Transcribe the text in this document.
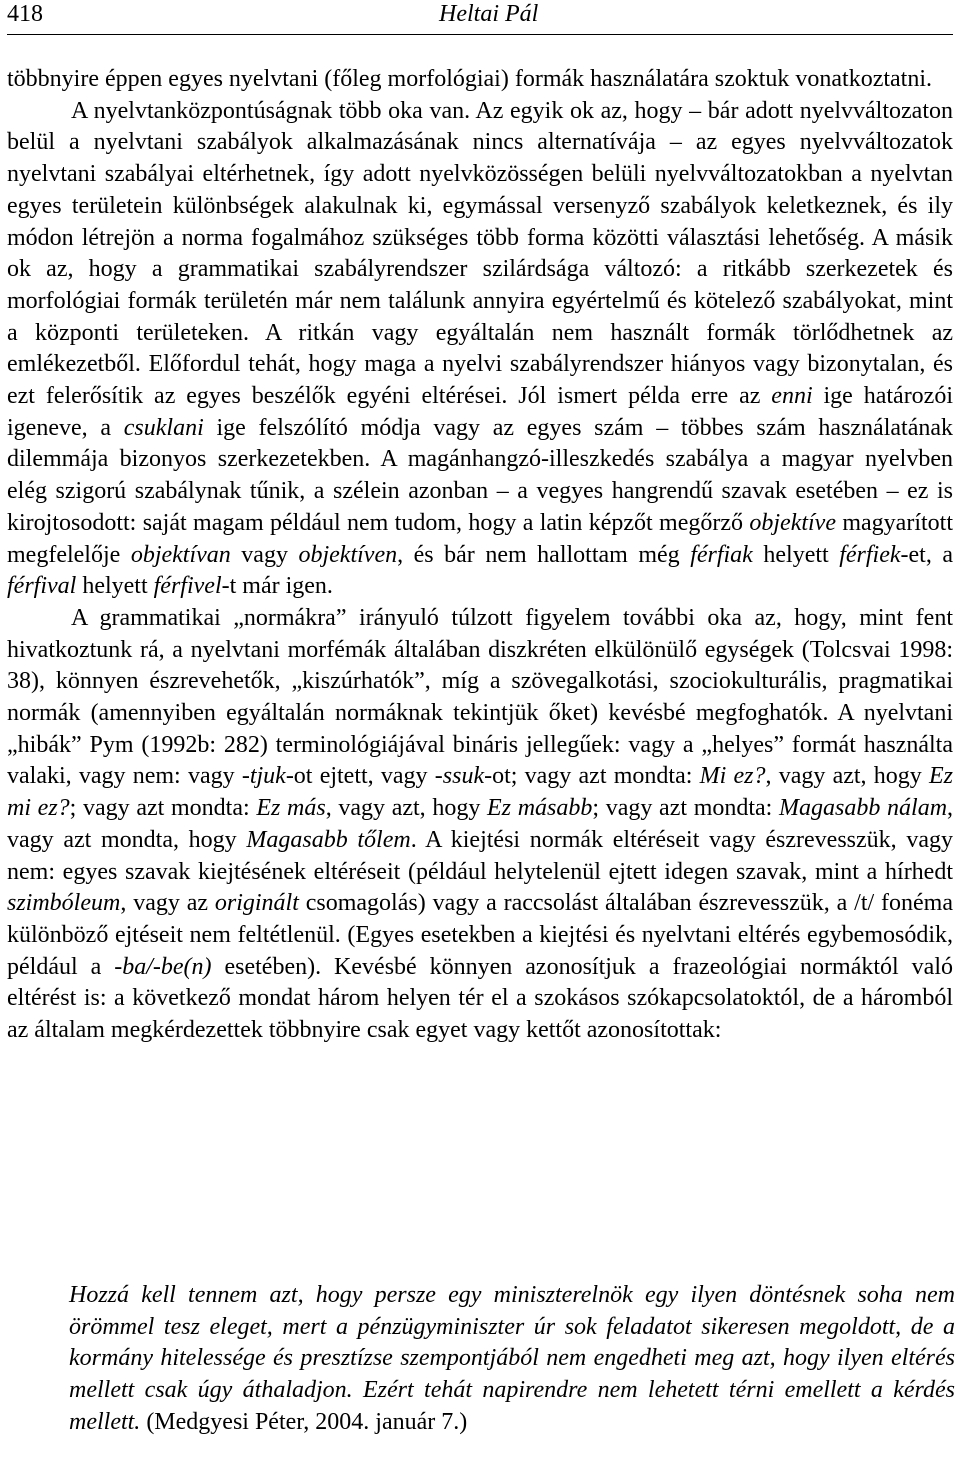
418	Heltai Pál

többnyire éppen egyes nyelvtani (főleg morfológiai) formák használatára szoktuk vonatkoztatni.

A nyelvtanközpontúságnak több oka van. Az egyik ok az, hogy – bár adott nyelvváltozaton belül a nyelvtani szabályok alkalmazásának nincs alternatívája – az egyes nyelvváltozatok nyelvtani szabályai eltérhetnek, így adott nyelvközösségen belüli nyelvváltozatokban a nyelvtan egyes területein különbségek alakulnak ki, egymással versenyző szabályok keletkeznek, és ily módon létrejön a norma fogalmához szükséges több forma közötti választási lehetőség. A másik ok az, hogy a grammatikai szabályrendszer szilárdsága változó: a ritkább szerkezetek és morfológiai formák területén már nem találunk annyira egyértelmű és kötelező szabályokat, mint a központi területeken. A ritkán vagy egyáltalán nem használt formák törlődhetnek az emlékezetből. Előfordul tehát, hogy maga a nyelvi szabályrendszer hiányos vagy bizonytalan, és ezt felerősítik az egyes beszélők egyéni eltérései. Jól ismert példa erre az enni ige határozói igeneve, a csuklani ige felszólító módja vagy az egyes szám – többes szám használatának dilemmája bizonyos szerkezetekben. A magánhangzó-illeszkedés szabálya a magyar nyelvben elég szigorú szabálynak tűnik, a szélein azonban – a vegyes hangrendű szavak esetében – ez is kirojtosodott: saját magam például nem tudom, hogy a latin képzőt megőrző objektíve magyarított megfelelője objektívan vagy objektíven, és bár nem hallottam még férfiak helyett férfiek-et, a férfival helyett férfivel-t már igen.

A grammatikai „normákra” irányuló túlzott figyelem további oka az, hogy, mint fent hivatkoztunk rá, a nyelvtani morfémák általában diszkréten elkülönülő egységek (Tolcsvai 1998: 38), könnyen észrevehetők, „kiszúrhatók”, míg a szövegalkotási, szociokulturális, pragmatikai normák (amennyiben egyáltalán normáknak tekintjük őket) kevésbé megfoghatók. A nyelvtani „hibák” Pym (1992b: 282) terminológiájával bináris jellegűek: vagy a „helyes” formát használta valaki, vagy nem: vagy -tjuk-ot ejtett, vagy -ssuk-ot; vagy azt mondta: Mi ez?, vagy azt, hogy Ez mi ez?; vagy azt mondta: Ez más, vagy azt, hogy Ez másabb; vagy azt mondta: Magasabb nálam, vagy azt mondta, hogy Magasabb tőlem. A kiejtési normák eltéréseit vagy észrevesszük, vagy nem: egyes szavak kiejtésének eltéréseit (például helytelenül ejtett idegen szavak, mint a hírhedt szimbóleum, vagy az originált csomagolás) vagy a raccsolást általában észrevesszük, a /t/ fonéma különböző ejtéseit nem feltétlenül. (Egyes esetekben a kiejtési és nyelvtani eltérés egybemosódik, például a -ba/-be(n) esetében). Kevésbé könnyen azonosítjuk a frazeológiai normáktól való eltérést is: a következő mondat három helyen tér el a szokásos szókapcsolatoktól, de a háromból az általam megkérdezettek többnyire csak egyet vagy kettőt azonosítottak:

Hozzá kell tennem azt, hogy persze egy miniszterelnök egy ilyen döntésnek soha nem örömmel tesz eleget, mert a pénzügyminiszter úr sok feladatot sikeresen megoldott, de a kormány hitelessége és presztízse szempontjából nem engedheti meg azt, hogy ilyen eltérés mellett csak úgy áthaladjon. Ezért tehát napirendre nem lehetett térni emellett a kérdés mellett. (Medgyesi Péter, 2004. január 7.)
